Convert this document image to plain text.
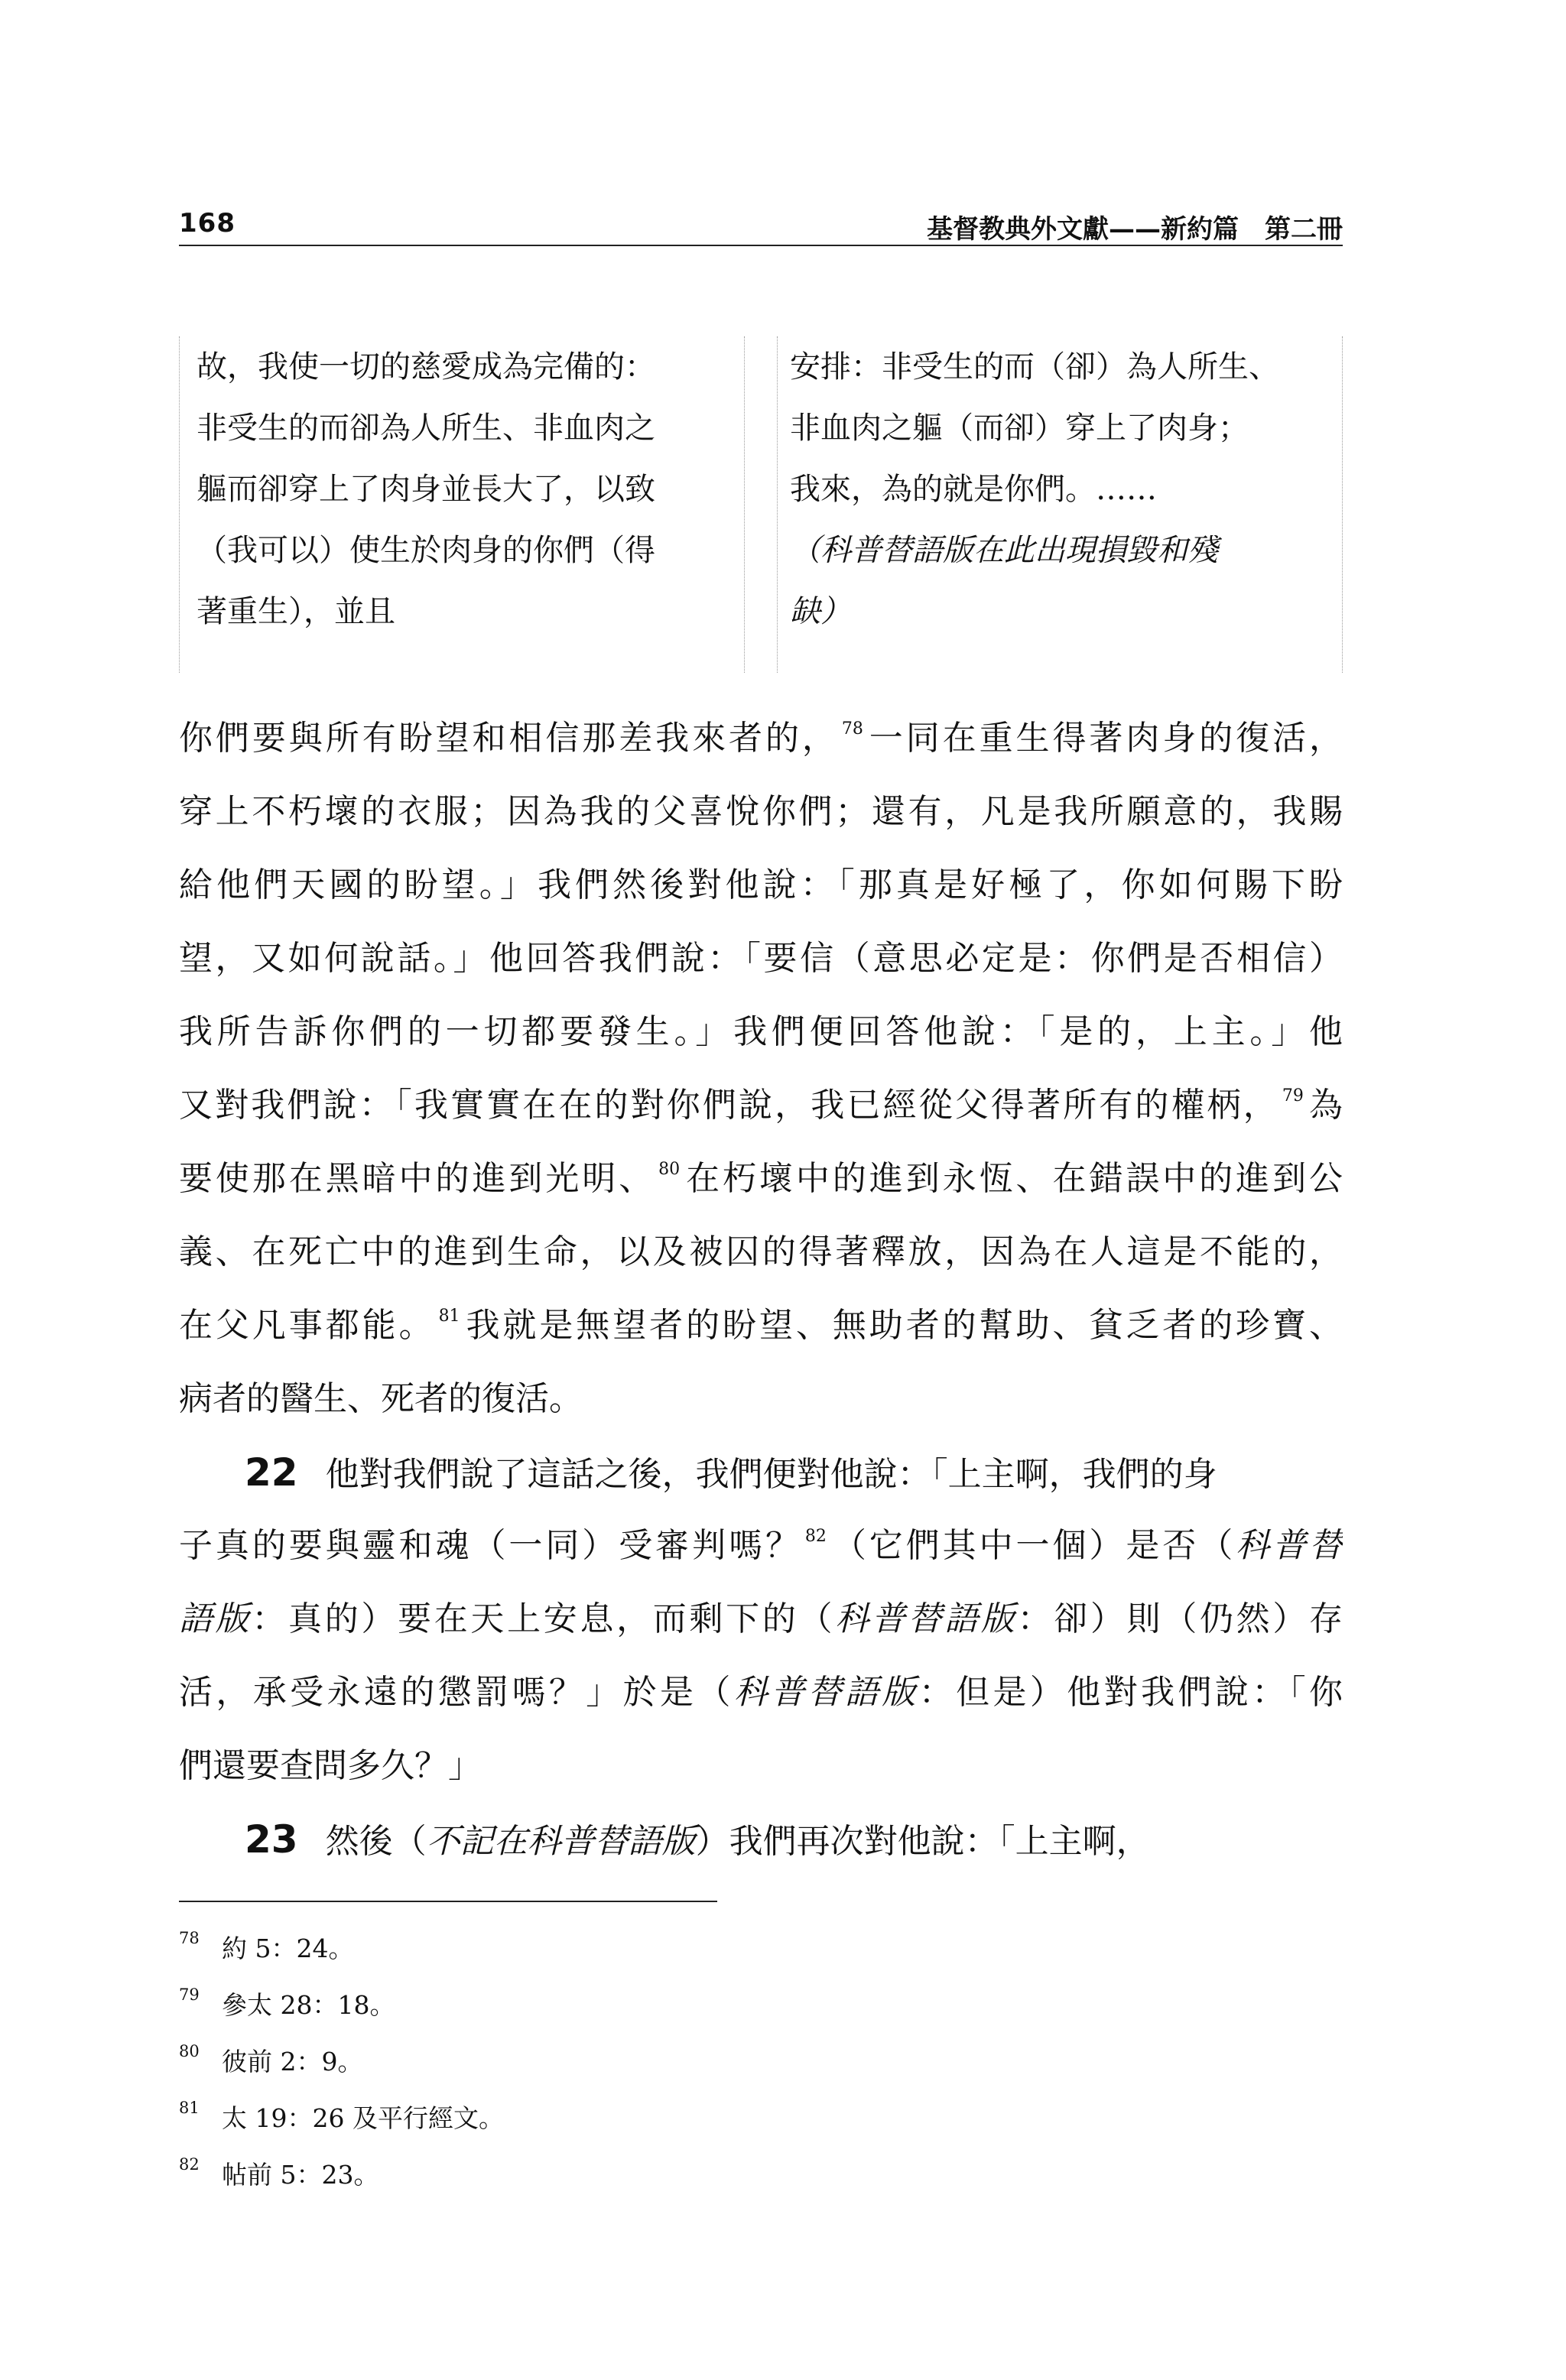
168	基督教典外文獻——新約篇　第二冊
故，我使一切的慈愛成為完備的：
非受生的而卻為人所生、非血肉之
軀而卻穿上了肉身並長大了，以致
（我可以）使生於肉身的你們（得
著重生），並且
安排：非受生的而（卻）為人所生、
非血肉之軀（而卻）穿上了肉身；
我來，為的就是你們。……
（科普替語版在此出現損毀和殘
缺）
你們要與所有盼望和相信那差我來者的， $^{78}$一同在重生得著肉身的復活，
穿上不朽壞的衣服；因為我的父喜悅你們；還有，凡是我所願意的，我賜
給他們天國的盼望。」我們然後對他說：「那真是好極了，你如何賜下盼
望，又如何說話。」他回答我們說：「要信（意思必定是：你們是否相信）
我所告訴你們的一切都要發生。」我們便回答他說：「是的，上主。」他
又對我們說：「我實實在在的對你們說，我已經從父得著所有的權柄， $^{79}$為
要使那在黑暗中的進到光明、 $^{80}$在朽壞中的進到永恆、在錯誤中的進到公
義、在死亡中的進到生命，以及被囚的得著釋放，因為在人這是不能的，
在父凡事都能。 $^{81}$我就是無望者的盼望、無助者的幫助、貧乏者的珍寶、
病者的醫生、死者的復活。
22 他對我們說了這話之後，我們便對他說：「上主啊，我們的身
子真的要與靈和魂（一同）受審判嗎？ $^{82}$（它們其中一個）是否（科普替
語版：真的）要在天上安息，而剩下的（科普替語版：卻）則（仍然）存
活，承受永遠的懲罰嗎？」於是（科普替語版：但是）他對我們說：「你
們還要查問多久？」
23 然後（不記在科普替語版）我們再次對他說：「上主啊，
78 約 5：24。
79 參太 28：18。
80 彼前 2：9。
81 太 19：26 及平行經文。
82 帖前 5：23。
